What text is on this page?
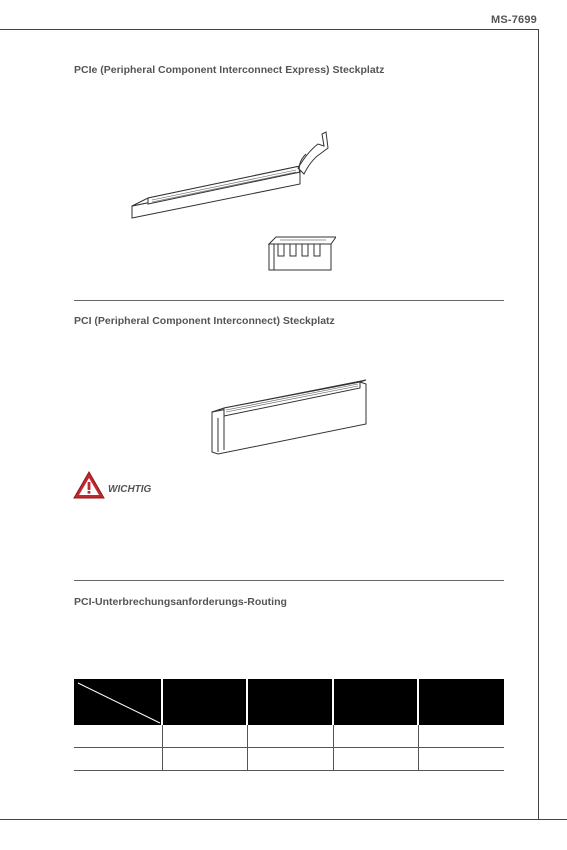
MS-7699
PCIe (Peripheral Component Interconnect Express) Steckplatz
PCI (Peripheral Component Interconnect) Steckplatz
WICHTIG
PCI-Unterbrechungsanforderungs-Routing
